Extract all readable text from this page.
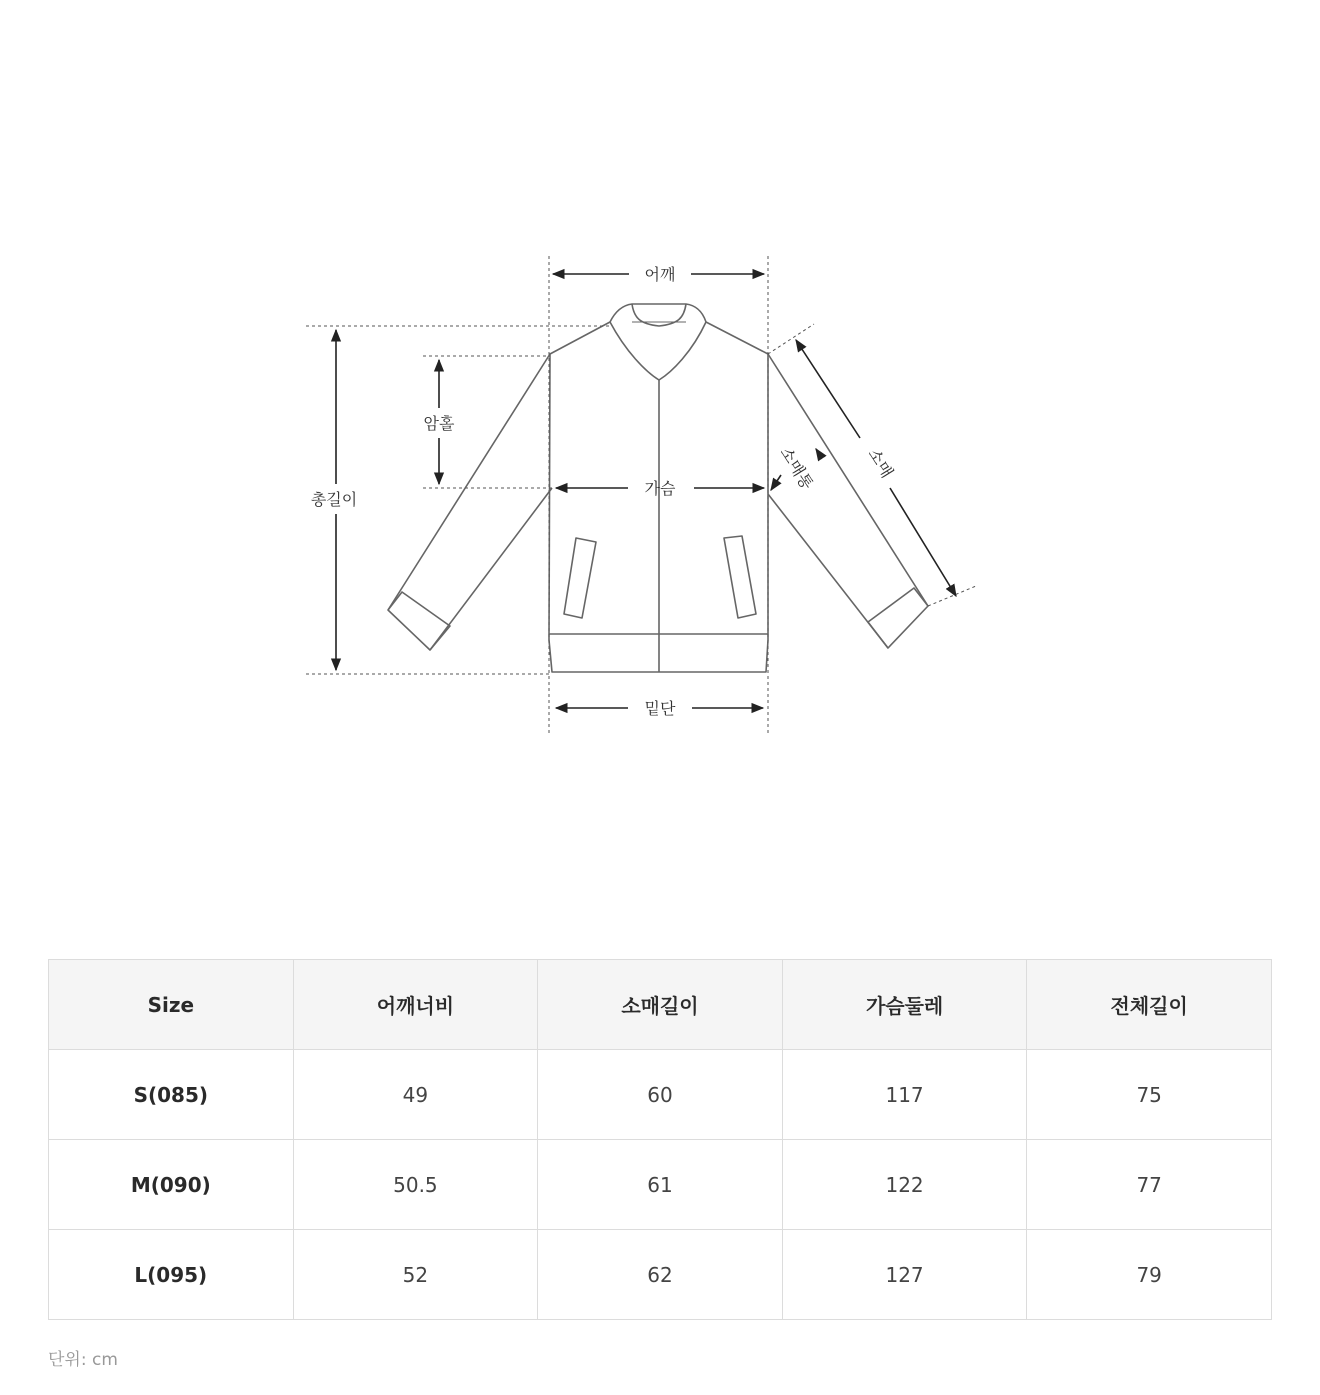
어깨
암홀
총길이
가슴
밑단
소매
소매통
Size	어깨너비	소매길이	가슴둘레	전체길이
S(085)	49	60	117	75
M(090)	50.5	61	122	77
L(095)	52	62	127	79
단위: cm
